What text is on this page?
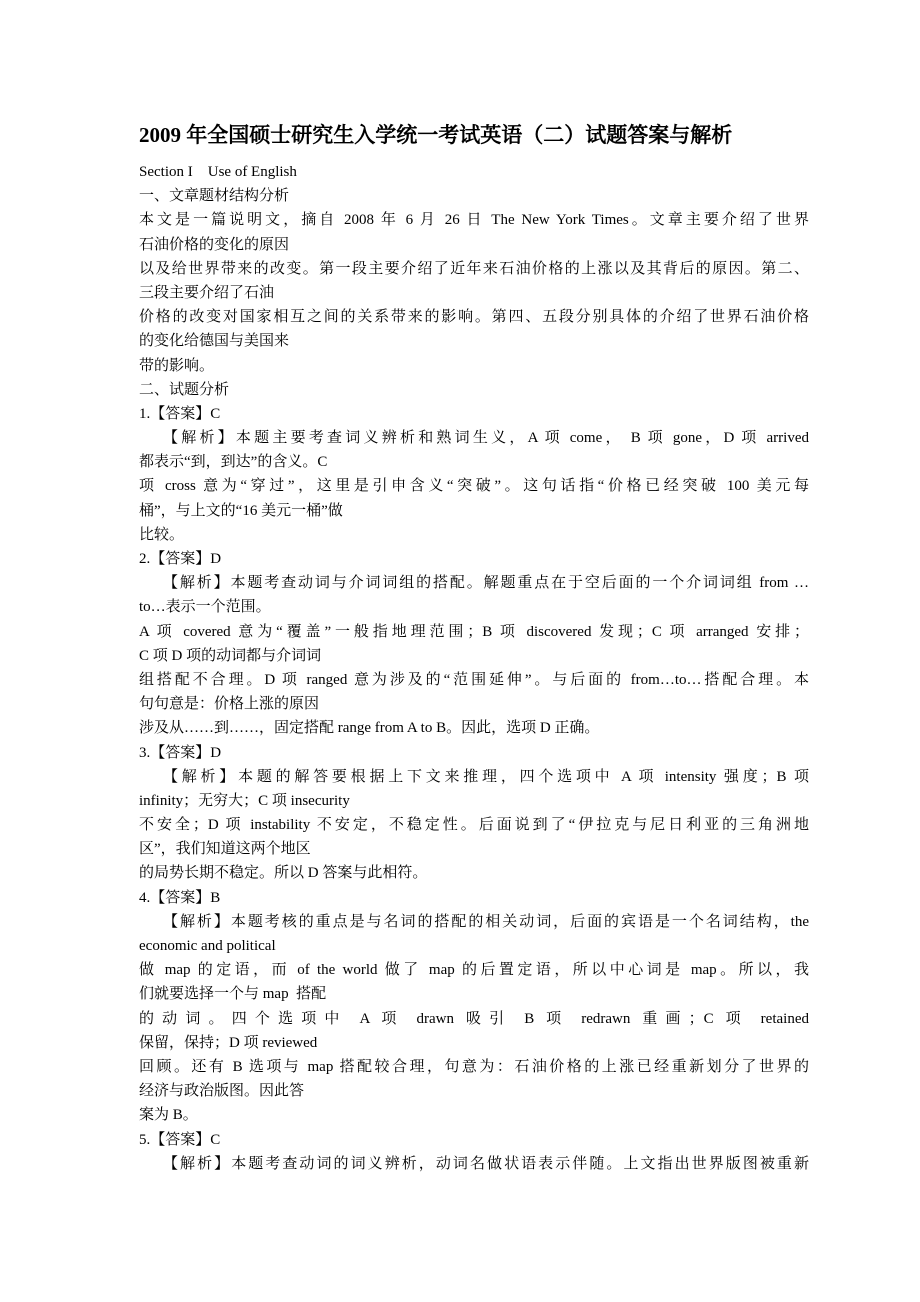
2009 年全国硕士研究生入学统一考试英语（二）试题答案与解析
Section I    Use of English
一、文章题材结构分析
本文是一篇说明文，摘自 2008 年 6 月 26 日 The New York Times。文章主要介绍了世界
石油价格的变化的原因
以及给世界带来的改变。第一段主要介绍了近年来石油价格的上涨以及其背后的原因。第二、
三段主要介绍了石油
价格的改变对国家相互之间的关系带来的影响。第四、五段分别具体的介绍了世界石油价格
的变化给德国与美国来
带的影响。
二、试题分析
1.【答案】C
【解析】本题主要考查词义辨析和熟词生义，A 项 come， B 项 gone，D 项 arrived
都表示“到，到达”的含义。C
项 cross 意为“穿过”，这里是引申含义“突破”。这句话指“价格已经突破 100 美元每
桶”，与上文的“16 美元一桶”做
比较。
2.【答案】D
【解析】本题考查动词与介词词组的搭配。解题重点在于空后面的一个介词词组 from …
to…表示一个范围。
A 项 covered 意为“覆盖”一般指地理范围；B 项 discovered 发现；C 项 arranged 安排；
C 项 D 项的动词都与介词词
组搭配不合理。D 项 ranged 意为涉及的“范围延伸”。与后面的 from…to…搭配合理。本
句句意是：价格上涨的原因
涉及从……到……，固定搭配 range from A to B。因此，选项 D 正确。
3.【答案】D
【解析】本题的解答要根据上下文来推理，四个选项中 A 项 intensity 强度；B 项
infinity；无穷大；C 项 insecurity
不安全；D 项 instability 不安定，不稳定性。后面说到了“伊拉克与尼日利亚的三角洲地
区”，我们知道这两个地区
的局势长期不稳定。所以 D 答案与此相符。
4.【答案】B
【解析】本题考核的重点是与名词的搭配的相关动词，后面的宾语是一个名词结构，the
economic and political
做 map 的定语，而 of the world 做了 map 的后置定语，所以中心词是 map。所以，我
们就要选择一个与 map  搭配
的动词。四个选项中 A 项 drawn 吸引 B 项 redrawn 重画；C 项 retained
保留，保持；D 项 reviewed
回顾。还有 B 选项与 map 搭配较合理，句意为：石油价格的上涨已经重新划分了世界的
经济与政治版图。因此答
案为 B。
5.【答案】C
【解析】本题考查动词的词义辨析，动词名做状语表示伴随。上文指出世界版图被重新
